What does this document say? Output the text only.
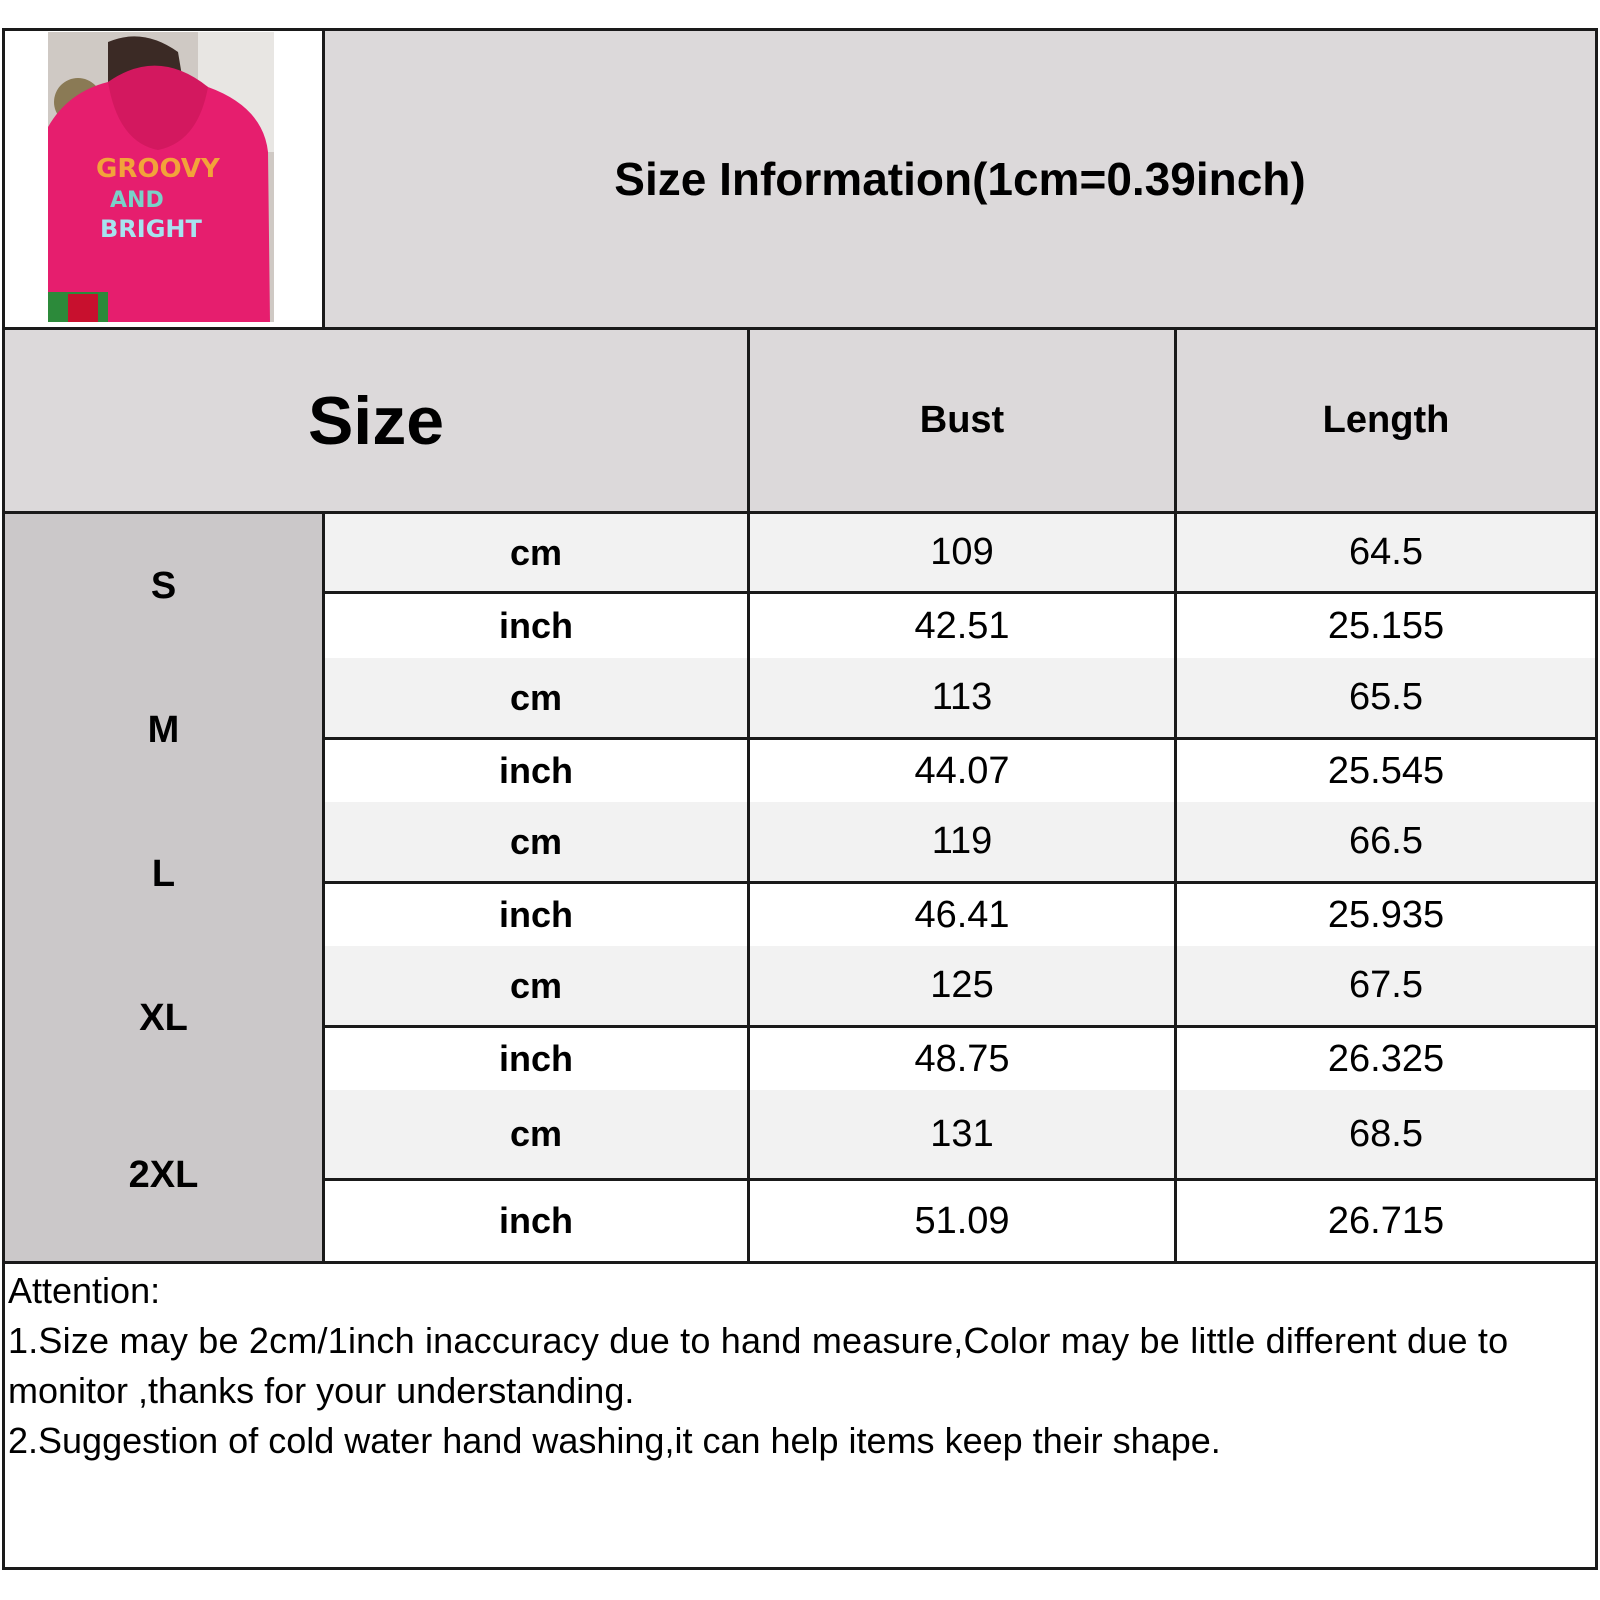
GROOVY
AND
BRIGHT
Size Information(1cm=0.39inch)
Size	Bust	Length
S
cm	109	64.5
inch	42.51	25.155
M
cm	113	65.5
inch	44.07	25.545
L
cm	119	66.5
inch	46.41	25.935
XL
cm	125	67.5
inch	48.75	26.325
2XL
cm	131	68.5
inch	51.09	26.715
Attention:
1.Size may be 2cm/1inch inaccuracy due to hand measure,Color may be little different due to
monitor ,thanks for your understanding.
2.Suggestion of cold water hand washing,it can help items keep their shape.
